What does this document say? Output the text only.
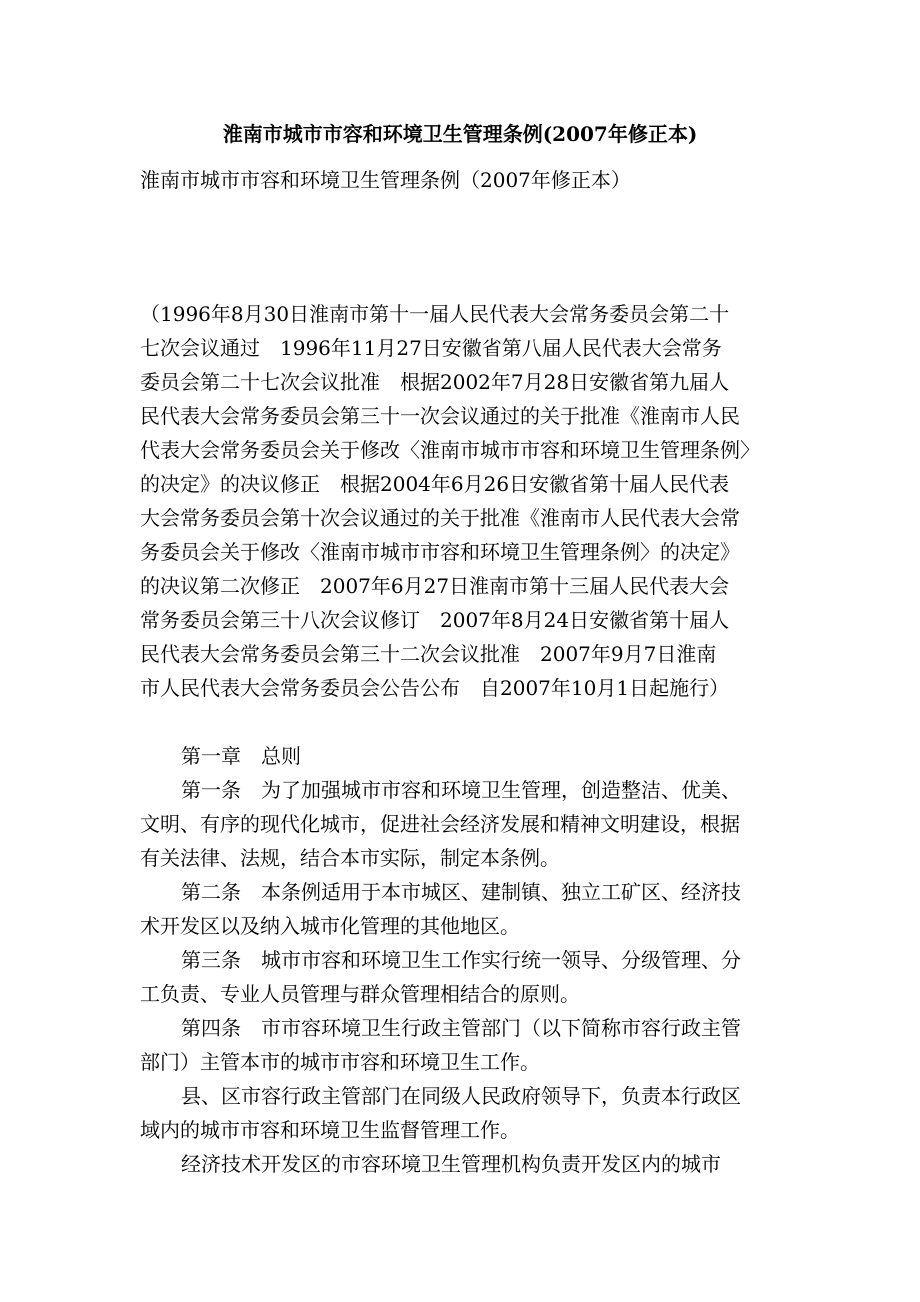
淮南市城市市容和环境卫生管理条例(2007年修正本)
淮南市城市市容和环境卫生管理条例（2007年修正本）
（1996年8月30日淮南市第十一届人民代表大会常务委员会第二十
七次会议通过　1996年11月27日安徽省第八届人民代表大会常务
委员会第二十七次会议批准　根据2002年7月28日安徽省第九届人
民代表大会常务委员会第三十一次会议通过的关于批准《淮南市人民
代表大会常务委员会关于修改〈淮南市城市市容和环境卫生管理条例〉
的决定》的决议修正　根据2004年6月26日安徽省第十届人民代表
大会常务委员会第十次会议通过的关于批准《淮南市人民代表大会常
务委员会关于修改〈淮南市城市市容和环境卫生管理条例〉的决定》
的决议第二次修正　2007年6月27日淮南市第十三届人民代表大会
常务委员会第三十八次会议修订　2007年8月24日安徽省第十届人
民代表大会常务委员会第三十二次会议批准　2007年9月7日淮南
市人民代表大会常务委员会公告公布　自2007年10月1日起施行）
第一章　总则
第一条　为了加强城市市容和环境卫生管理，创造整洁、优美、
文明、有序的现代化城市，促进社会经济发展和精神文明建设，根据
有关法律、法规，结合本市实际，制定本条例。
第二条　本条例适用于本市城区、建制镇、独立工矿区、经济技
术开发区以及纳入城市化管理的其他地区。
第三条　城市市容和环境卫生工作实行统一领导、分级管理、分
工负责、专业人员管理与群众管理相结合的原则。
第四条　市市容环境卫生行政主管部门（以下简称市容行政主管
部门）主管本市的城市市容和环境卫生工作。
县、区市容行政主管部门在同级人民政府领导下，负责本行政区
域内的城市市容和环境卫生监督管理工作。
经济技术开发区的市容环境卫生管理机构负责开发区内的城市
